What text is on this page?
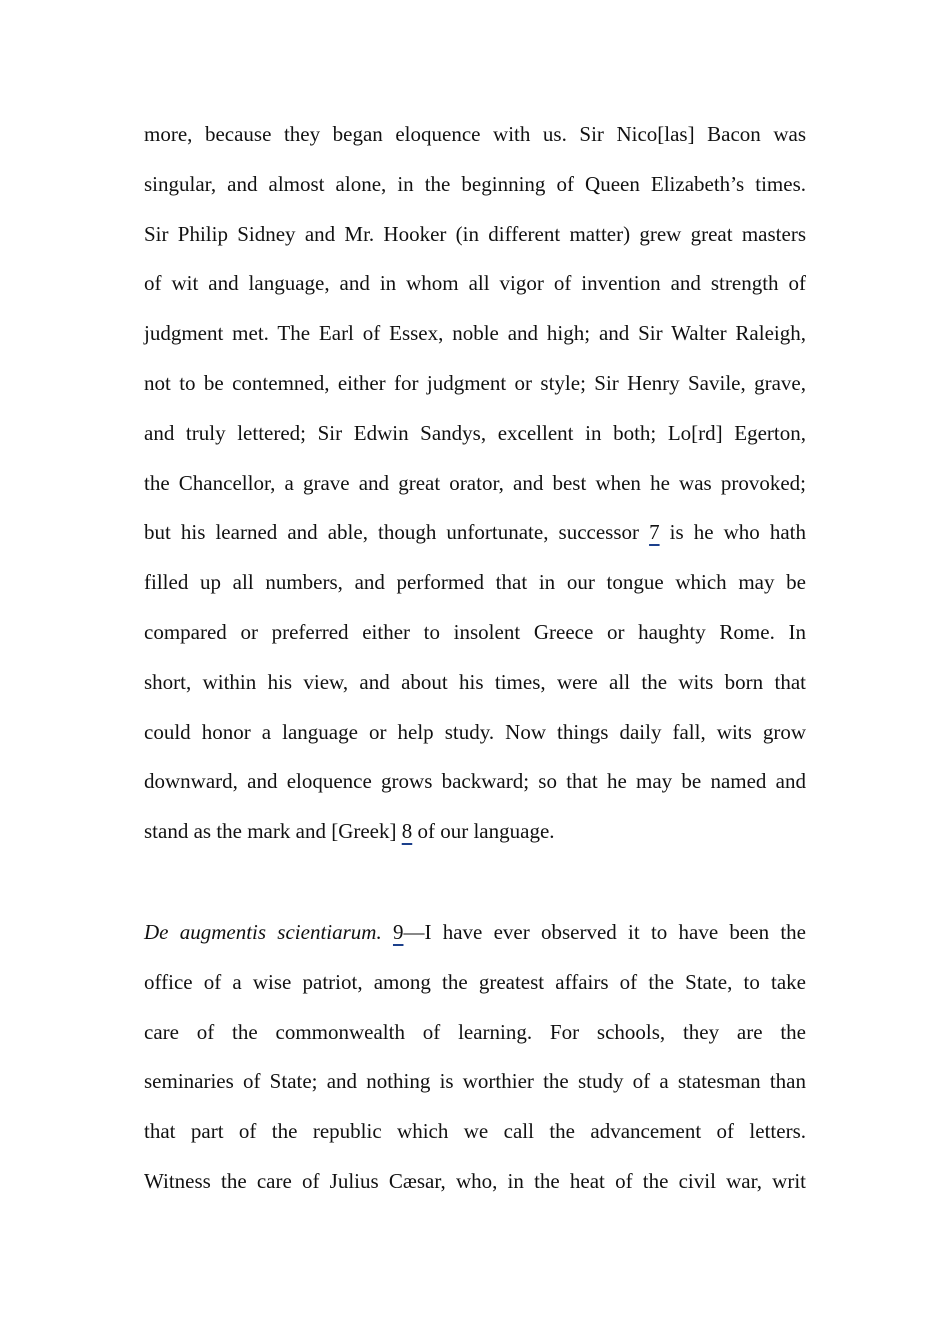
more, because they began eloquence with us. Sir Nico[las] Bacon was
singular, and almost alone, in the beginning of Queen Elizabeth’s times.
Sir Philip Sidney and Mr. Hooker (in different matter) grew great masters
of wit and language, and in whom all vigor of invention and strength of
judgment met. The Earl of Essex, noble and high; and Sir Walter Raleigh,
not to be contemned, either for judgment or style; Sir Henry Savile, grave,
and truly lettered; Sir Edwin Sandys, excellent in both; Lo[rd] Egerton,
the Chancellor, a grave and great orator, and best when he was provoked;
but his learned and able, though unfortunate, successor 7 is he who hath
filled up all numbers, and performed that in our tongue which may be
compared or preferred either to insolent Greece or haughty Rome. In
short, within his view, and about his times, were all the wits born that
could honor a language or help study. Now things daily fall, wits grow
downward, and eloquence grows backward; so that he may be named and
stand as the mark and [Greek] 8 of our language.
De augmentis scientiarum. 9—I have ever observed it to have been the
office of a wise patriot, among the greatest affairs of the State, to take
care of the commonwealth of learning. For schools, they are the
seminaries of State; and nothing is worthier the study of a statesman than
that part of the republic which we call the advancement of letters.
Witness the care of Julius Cæsar, who, in the heat of the civil war, writ
